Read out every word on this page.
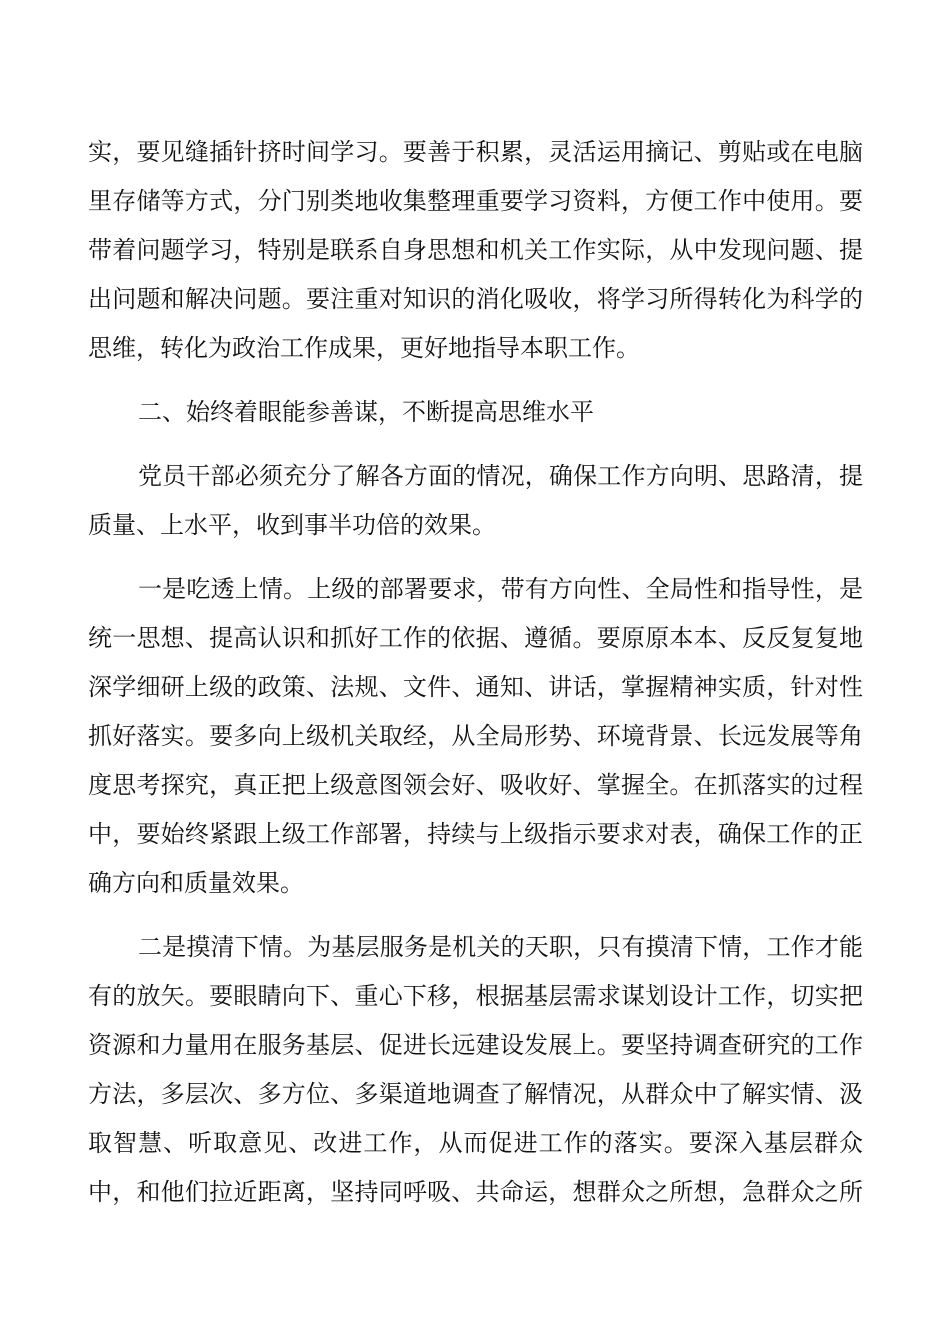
实，要见缝插针挤时间学习。要善于积累，灵活运用摘记、剪贴或在电脑
里存储等方式，分门别类地收集整理重要学习资料，方便工作中使用。要
带着问题学习，特别是联系自身思想和机关工作实际，从中发现问题、提
出问题和解决问题。要注重对知识的消化吸收，将学习所得转化为科学的
思维，转化为政治工作成果，更好地指导本职工作。
二、始终着眼能参善谋，不断提高思维水平
党员干部必须充分了解各方面的情况，确保工作方向明、思路清，提
质量、上水平，收到事半功倍的效果。
一是吃透上情。上级的部署要求，带有方向性、全局性和指导性，是
统一思想、提高认识和抓好工作的依据、遵循。要原原本本、反反复复地
深学细研上级的政策、法规、文件、通知、讲话，掌握精神实质，针对性
抓好落实。要多向上级机关取经，从全局形势、环境背景、长远发展等角
度思考探究，真正把上级意图领会好、吸收好、掌握全。在抓落实的过程
中，要始终紧跟上级工作部署，持续与上级指示要求对表，确保工作的正
确方向和质量效果。
二是摸清下情。为基层服务是机关的天职，只有摸清下情，工作才能
有的放矢。要眼睛向下、重心下移，根据基层需求谋划设计工作，切实把
资源和力量用在服务基层、促进长远建设发展上。要坚持调查研究的工作
方法，多层次、多方位、多渠道地调查了解情况，从群众中了解实情、汲
取智慧、听取意见、改进工作，从而促进工作的落实。要深入基层群众
中，和他们拉近距离，坚持同呼吸、共命运，想群众之所想，急群众之所
